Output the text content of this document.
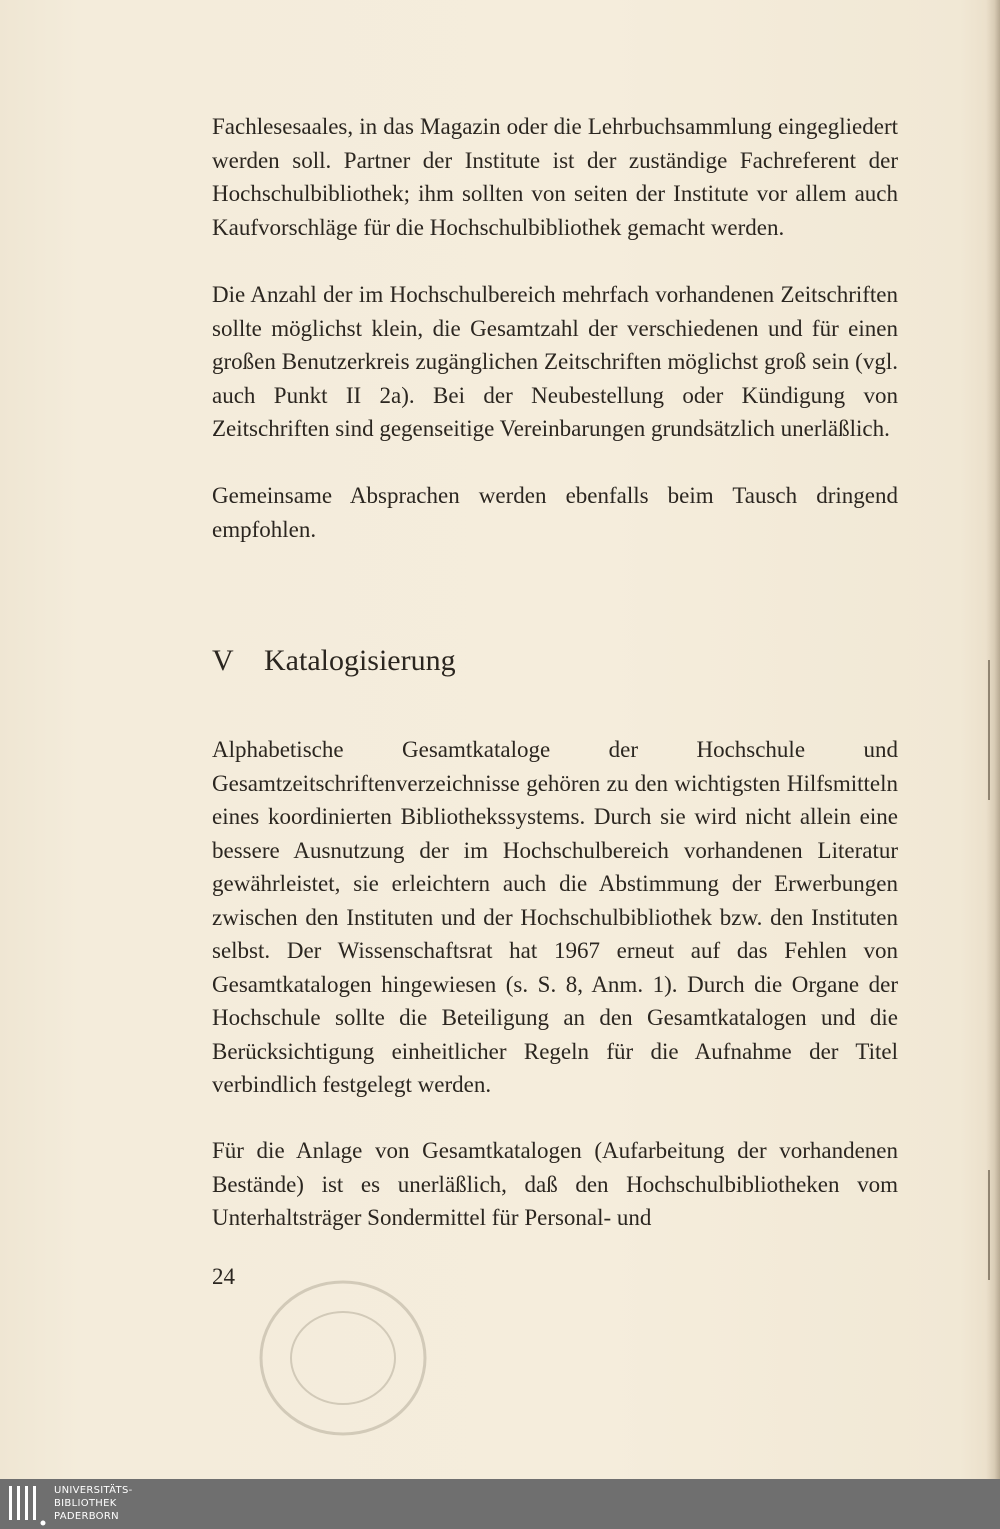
Fachlesesaales, in das Magazin oder die Lehrbuchsammlung eingegliedert werden soll. Partner der Institute ist der zuständige Fachreferent der Hochschulbibliothek; ihm sollten von seiten der Institute vor allem auch Kaufvorschläge für die Hochschulbibliothek gemacht werden.

Die Anzahl der im Hochschulbereich mehrfach vorhandenen Zeitschriften sollte möglichst klein, die Gesamtzahl der verschiedenen und für einen großen Benutzerkreis zugänglichen Zeitschriften möglichst groß sein (vgl. auch Punkt II 2a). Bei der Neubestellung oder Kündigung von Zeitschriften sind gegenseitige Vereinbarungen grundsätzlich unerläßlich.

Gemeinsame Absprachen werden ebenfalls beim Tausch dringend empfohlen.

V Katalogisierung

Alphabetische Gesamtkataloge der Hochschule und Gesamtzeitschriftenverzeichnisse gehören zu den wichtigsten Hilfsmitteln eines koordinierten Bibliothekssystems. Durch sie wird nicht allein eine bessere Ausnutzung der im Hochschulbereich vorhandenen Literatur gewährleistet, sie erleichtern auch die Abstimmung der Erwerbungen zwischen den Instituten und der Hochschulbibliothek bzw. den Instituten selbst. Der Wissenschaftsrat hat 1967 erneut auf das Fehlen von Gesamtkatalogen hingewiesen (s. S. 8, Anm. 1). Durch die Organe der Hochschule sollte die Beteiligung an den Gesamtkatalogen und die Berücksichtigung einheitlicher Regeln für die Aufnahme der Titel verbindlich festgelegt werden.

Für die Anlage von Gesamtkatalogen (Aufarbeitung der vorhandenen Bestände) ist es unerläßlich, daß den Hochschulbibliotheken vom Unterhaltsträger Sondermittel für Personal- und

24
UNIVERSITÄTS-
BIBLIOTHEK
PADERBORN
